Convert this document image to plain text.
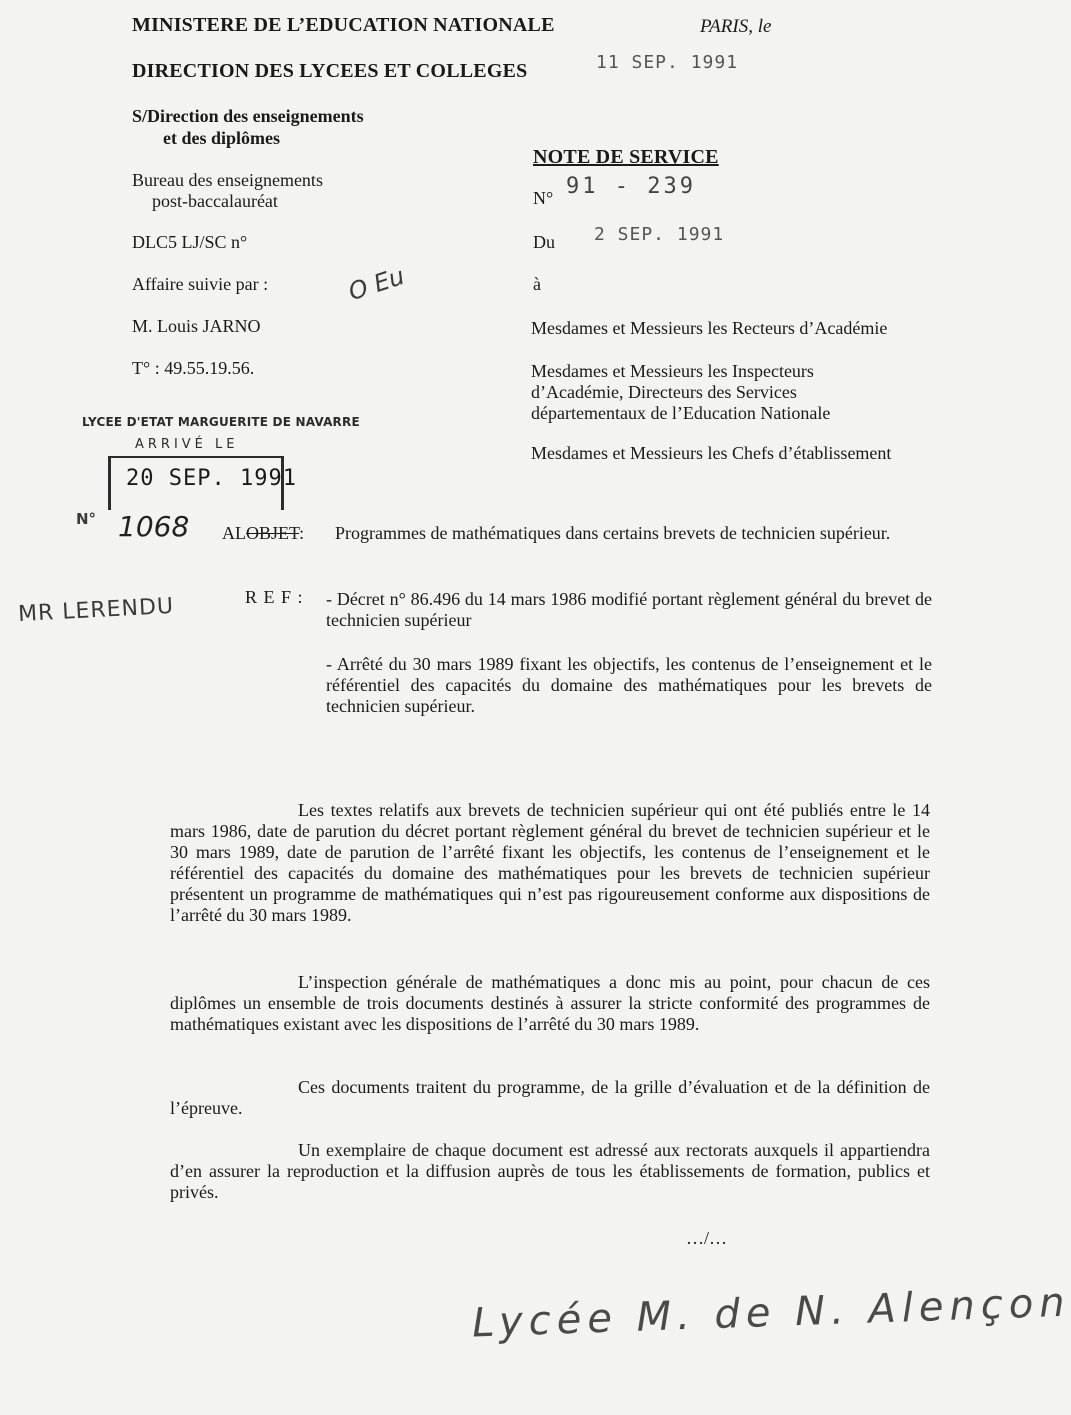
MINISTERE DE L’EDUCATION NATIONALE	PARIS, le
DIRECTION DES LYCEES ET COLLEGES	11 SEP. 1991
S/Direction des enseignements
et des diplômes
Bureau des enseignements
post-baccalauréat
DLC5 LJ/SC n°
Affaire suivie par :
M. Louis JARNO
T° : 49.55.19.56.
O Eu
NOTE DE SERVICE
N° 91 - 239
Du 2 SEP. 1991
à
Mesdames et Messieurs les Recteurs d’Académie
Mesdames et Messieurs les Inspecteurs
d’Académie, Directeurs des Services
départementaux de l’Education Nationale
Mesdames et Messieurs les Chefs d’établissement
LYCEE D'ETAT MARGUERITE DE NAVARRE
ARRIVÉ LE
20 SEP. 1991
N° 1068 ALOBJET: Programmes de mathématiques dans certains brevets de technicien supérieur.
R E F : - Décret n° 86.496 du 14 mars 1986 modifié portant règlement général du brevet de technicien supérieur
- Arrêté du 30 mars 1989 fixant les objectifs, les contenus de l’enseignement et le référentiel des capacités du domaine des mathématiques pour les brevets de technicien supérieur.
MR LERENDU

Les textes relatifs aux brevets de technicien supérieur qui ont été publiés entre le 14 mars 1986, date de parution du décret portant règlement général du brevet de technicien supérieur et le 30 mars 1989, date de parution de l’arrêté fixant les objectifs, les contenus de l’enseignement et le référentiel des capacités du domaine des mathématiques pour les brevets de technicien supérieur présentent un programme de mathématiques qui n’est pas rigoureusement conforme aux dispositions de l’arrêté du 30 mars 1989.

L’inspection générale de mathématiques a donc mis au point, pour chacun de ces diplômes un ensemble de trois documents destinés à assurer la stricte conformité des programmes de mathématiques existant avec les dispositions de l’arrêté du 30 mars 1989.

Ces documents traitent du programme, de la grille d’évaluation et de la définition de l’épreuve.

Un exemplaire de chaque document est adressé aux rectorats auxquels il appartiendra d’en assurer la reproduction et la diffusion auprès de tous les établissements de formation, publics et privés.

…/…
Lycée M. de N. Alençon
